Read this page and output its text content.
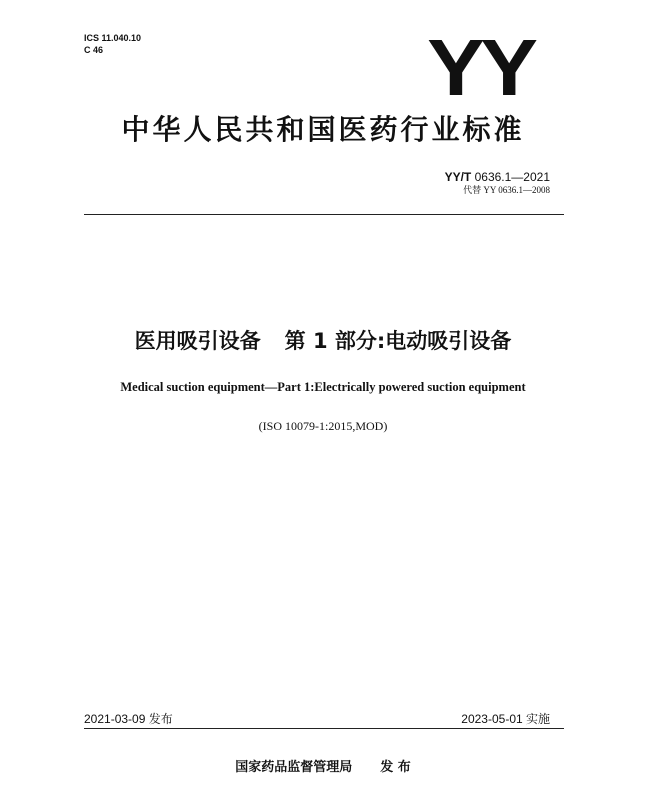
ICS 11.040.10
C 46	YY
中华人民共和国医药行业标准
YY/T 0636.1—2021
代替 YY 0636.1—2008
医用吸引设备 第 1 部分:电动吸引设备
Medical suction equipment—Part 1:Electrically powered suction equipment
(ISO 10079-1:2015,MOD)
2021-03-09 发布	2023-05-01 实施
国家药品监督管理局 发 布
